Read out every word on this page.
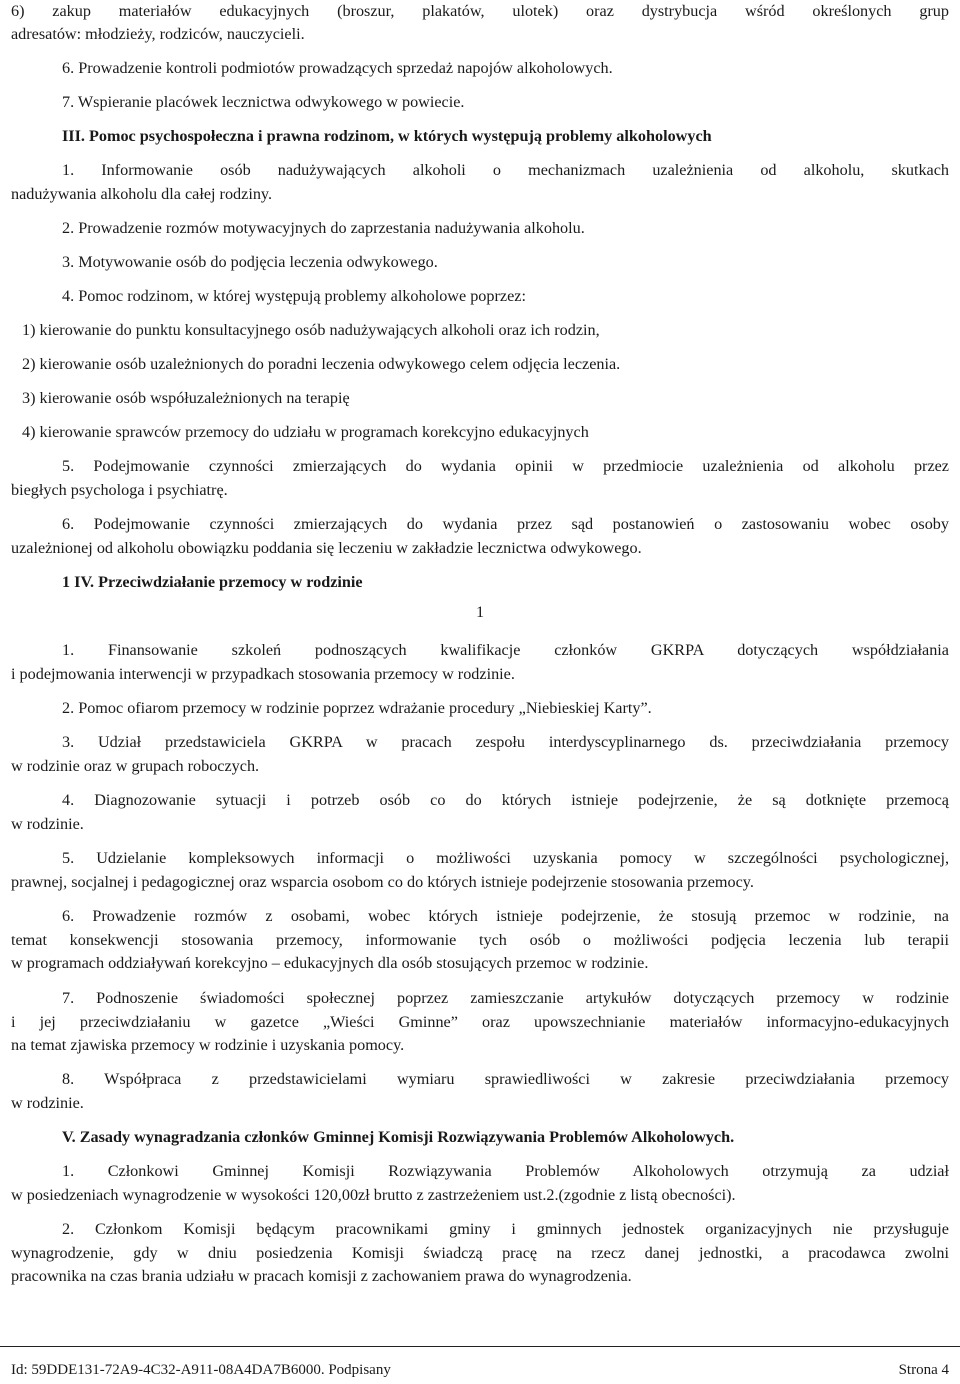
6) zakup materiałów edukacyjnych (broszur, plakatów, ulotek) oraz dystrybucja wśród określonych grup

adresatów: młodzieży, rodziców, nauczycieli.

6. Prowadzenie kontroli podmiotów prowadzących sprzedaż napojów alkoholowych.

7. Wspieranie placówek lecznictwa odwykowego w powiecie.

III. Pomoc psychospołeczna i prawna rodzinom, w których występują problemy alkoholowych

1. Informowanie osób nadużywających alkoholi o mechanizmach uzależnienia od alkoholu, skutkach

nadużywania alkoholu dla całej rodziny.

2. Prowadzenie rozmów motywacyjnych do zaprzestania nadużywania alkoholu.

3. Motywowanie osób do podjęcia leczenia odwykowego.

4. Pomoc rodzinom, w której występują problemy alkoholowe poprzez:

1) kierowanie do punktu konsultacyjnego osób nadużywających alkoholi oraz ich rodzin,

2) kierowanie osób uzależnionych do poradni leczenia odwykowego celem odjęcia leczenia.

3) kierowanie osób współuzależnionych na terapię

4) kierowanie sprawców przemocy do udziału w programach korekcyjno edukacyjnych

5. Podejmowanie czynności zmierzających do wydania opinii w przedmiocie uzależnienia od alkoholu przez

biegłych psychologa i psychiatrę.

6. Podejmowanie czynności zmierzających do wydania przez sąd postanowień o zastosowaniu wobec osoby

uzależnionej od alkoholu obowiązku poddania się leczeniu w zakładzie lecznictwa odwykowego.

1 IV. Przeciwdziałanie przemocy w rodzinie

1

1. Finansowanie szkoleń podnoszących kwalifikacje członków GKRPA dotyczących współdziałania

i podejmowania interwencji w przypadkach stosowania przemocy w rodzinie.

2. Pomoc ofiarom przemocy w rodzinie poprzez wdrażanie procedury „Niebieskiej Karty”.

3. Udział przedstawiciela GKRPA w pracach zespołu interdyscyplinarnego ds. przeciwdziałania przemocy

w rodzinie oraz w grupach roboczych.

4. Diagnozowanie sytuacji i potrzeb osób co do których istnieje podejrzenie, że są dotknięte przemocą

w rodzinie.

5. Udzielanie kompleksowych informacji o możliwości uzyskania pomocy w szczególności psychologicznej,

prawnej, socjalnej i pedagogicznej oraz wsparcia osobom co do których istnieje podejrzenie stosowania przemocy.

6. Prowadzenie rozmów z osobami, wobec których istnieje podejrzenie, że stosują przemoc w rodzinie, na

temat konsekwencji stosowania przemocy, informowanie tych osób o możliwości podjęcia leczenia lub terapii

w programach oddziaływań korekcyjno – edukacyjnych dla osób stosujących przemoc w rodzinie.

7. Podnoszenie świadomości społecznej poprzez zamieszczanie artykułów dotyczących przemocy w rodzinie

i jej przeciwdziałaniu w gazetce „Wieści Gminne” oraz upowszechnianie materiałów informacyjno-edukacyjnych

na temat zjawiska przemocy w rodzinie i uzyskania pomocy.

8. Współpraca z przedstawicielami wymiaru sprawiedliwości w zakresie przeciwdziałania przemocy

w rodzinie.

V. Zasady wynagradzania członków Gminnej Komisji Rozwiązywania Problemów Alkoholowych.

1. Członkowi Gminnej Komisji Rozwiązywania Problemów Alkoholowych otrzymują za udział

w posiedzeniach wynagrodzenie w wysokości 120,00zł brutto z zastrzeżeniem ust.2.(zgodnie z listą obecności).

2. Członkom Komisji będącym pracownikami gminy i gminnych jednostek organizacyjnych nie przysługuje

wynagrodzenie, gdy w dniu posiedzenia Komisji świadczą pracę na rzecz danej jednostki, a pracodawca zwolni

pracownika na czas brania udziału w pracach komisji z zachowaniem prawa do wynagrodzenia.

Id: 59DDE131-72A9-4C32-A911-08A4DA7B6000. Podpisany	Strona 4
